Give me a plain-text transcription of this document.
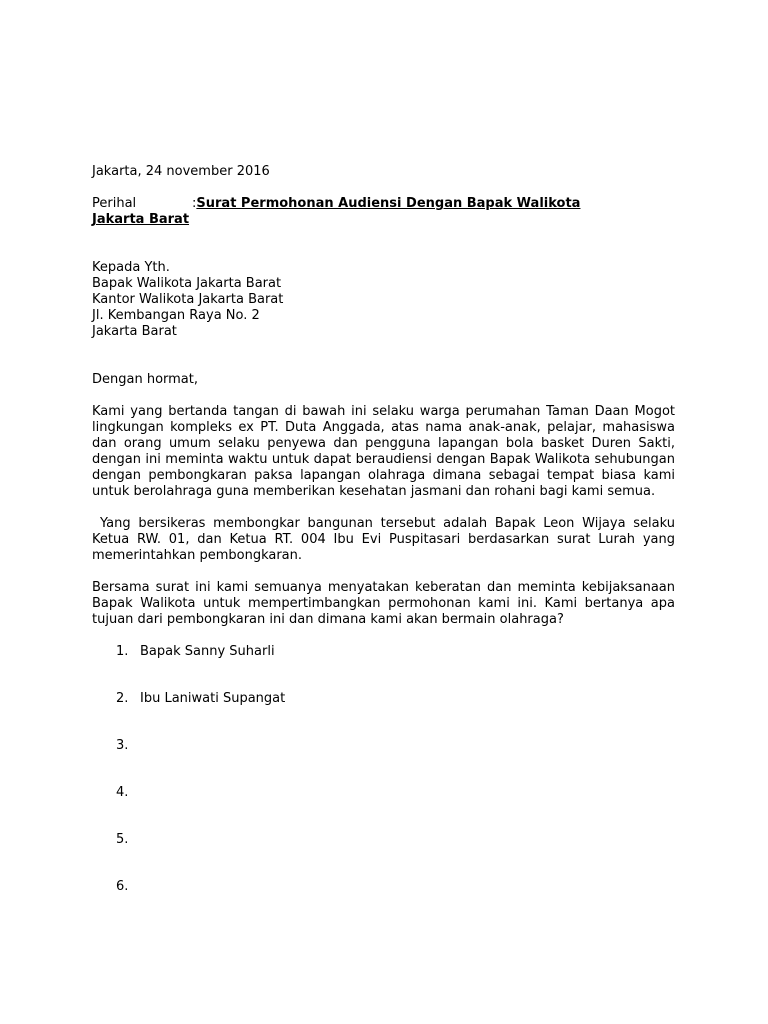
Jakarta, 24 november 2016

Perihal	: Surat Permohonan Audiensi Dengan Bapak Walikota
Jakarta Barat

Kepada Yth.

Bapak Walikota Jakarta Barat

Kantor Walikota Jakarta Barat

Jl. Kembangan Raya No. 2

Jakarta Barat

Dengan hormat,

Kami yang bertanda tangan di bawah ini selaku warga perumahan Taman Daan Mogot lingkungan kompleks ex PT. Duta Anggada, atas nama anak-anak, pelajar, mahasiswa dan orang umum selaku penyewa dan pengguna lapangan bola basket Duren Sakti, dengan ini meminta waktu untuk dapat beraudiensi dengan Bapak Walikota sehubungan dengan pembongkaran paksa lapangan olahraga dimana sebagai tempat biasa kami untuk berolahraga guna memberikan kesehatan jasmani dan rohani bagi kami semua.

Yang bersikeras membongkar bangunan tersebut adalah Bapak Leon Wijaya selaku Ketua RW. 01, dan Ketua RT. 004 Ibu Evi Puspitasari berdasarkan surat Lurah yang memerintahkan pembongkaran.

Bersama surat ini kami semuanya menyatakan keberatan dan meminta kebijaksanaan Bapak Walikota untuk mempertimbangkan permohonan kami ini. Kami bertanya apa tujuan dari pembongkaran ini dan dimana kami akan bermain olahraga?

1. Bapak Sanny Suharli
2. Ibu Laniwati Supangat
3.
4.
5.
6.
